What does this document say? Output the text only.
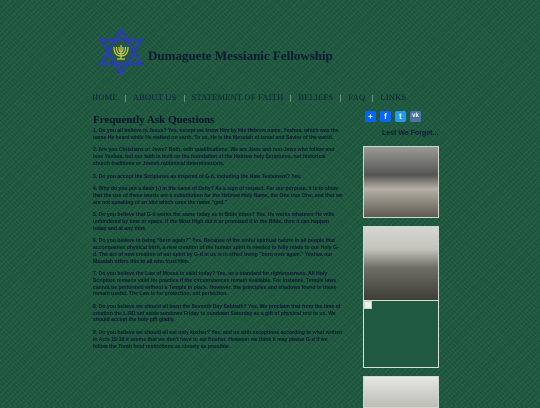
Dumaguete Messianic Fellowship
HOME ABOUT US STATEMENT OF FAITH BELIEFS FAQ LINKS
Frequently Ask Questions

1. Do you all believe in Jesus? Yes, except we know Him by His Hebrew name, Yeshua, which was the name He heard while He walked on earth. To us, He is the Messiah of Israel and Savior of the world.

2. Are you Christians or Jews? Both, with qualifications. We are Jews and non-Jews who follow and love Yeshua, but our faith is built on the foundation of the Hebrew holy Scriptures, not historical church traditions or Jewish rabbinical determinations.

3. Do you accept the Scriptures as inspired of G-d, including the New Testament? Yes.

4. Why do you put a dash (-) in the name of Deity? As a sign of respect. For our purpose, it is to show that the use of these words are a substitution for the Hebrew Holy Name, the One true One, and that we are not speaking of an idol which uses the name "god."

5. Do you believe that G-d works the same today as in Bible times? Yes. He works whatever He wills unhindered by time or space. If the Most High did it or promised it in the Bible, then it can happen today and at any time.

6. Do you believe in being "born again?" Yes. Because of the sinful spiritual nature in all people that accompanies physical birth, a new creation of the human spirit is needed to fully relate to our Holy G-d. The act of new creation of our spirit by G-d in us is in effect being "born over again." Yeshua our Messiah offers this to all who trust Him.

7. Do you believe the Law of Moses is valid today? Yes, as a standard for righteousness. All Holy Scripture remains valid for practice if the circumstances remain available. For instance, Temple laws cannot be performed without a Temple in place. However, the principles and shadows found in these remain useful. The Law is for protection, not perfection.

8. Do you believe we should all keep the Seventh Day Sabbath? Yes. We proclaim that from the time of creation the L-RD set aside sundown Friday to sundown Saturday as a gift of physical rest to us. We should accept the holy gift gladly.

9. Do you believe we should all eat only kosher? Yes, and no with exceptions according to what written in Acts 15:19 it seems that we don't have to eat Kosher. However we think it may please G-d if we follow the Torah food restrictions as closely as possible.

+	f	t	vk
Lest We Forget...
